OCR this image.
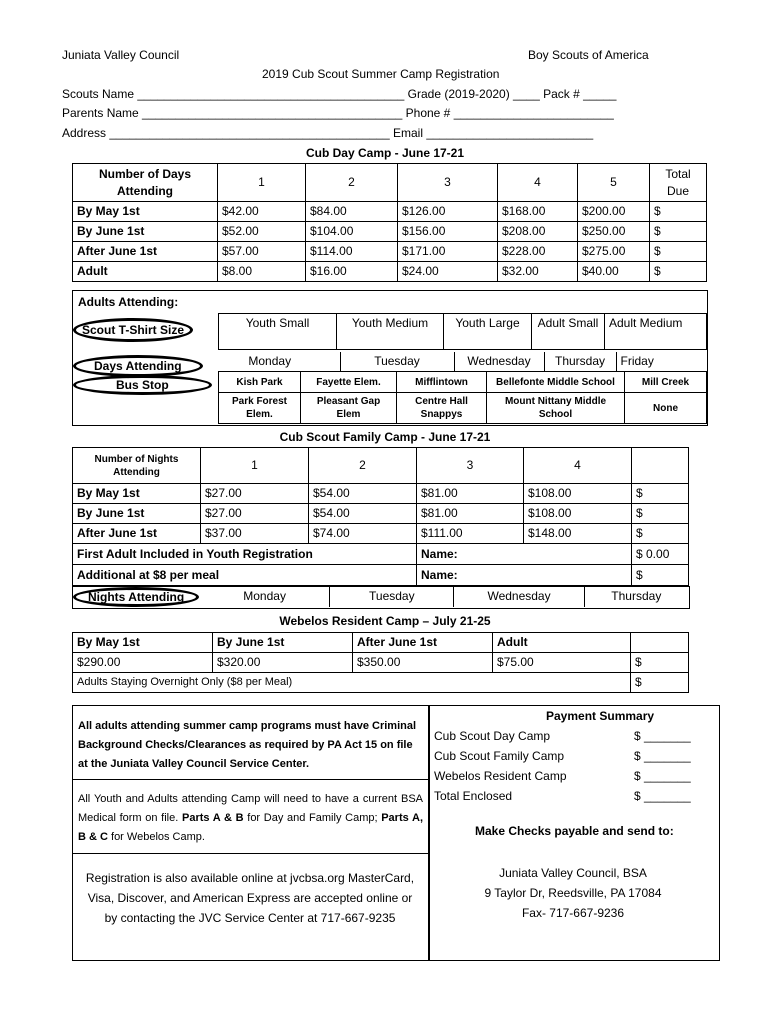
Juniata Valley Council	Boy Scouts of America
2019 Cub Scout Summer Camp Registration
Scouts Name ________________________________________ Grade (2019-2020) ____ Pack # _____
Parents Name _______________________________________ Phone # ________________________
Address __________________________________________ Email _________________________
Cub Day Camp - June 17-21
Number of Days Attending	1	2	3	4	5	Total Due
By May 1st	$42.00	$84.00	$126.00	$168.00	$200.00	$
By June 1st	$52.00	$104.00	$156.00	$208.00	$250.00	$
After June 1st	$57.00	$114.00	$171.00	$228.00	$275.00	$
Adult	$8.00	$16.00	$24.00	$32.00	$40.00	$
Adults Attending:
Scout T-Shirt Size	Youth Small	Youth Medium	Youth Large	Adult Small	Adult Medium
Days Attending	Monday	Tuesday	Wednesday	Thursday	Friday
Bus Stop	Kish Park	Fayette Elem.	Mifflintown	Bellefonte Middle School	Mill Creek
Park Forest Elem.	Pleasant Gap Elem	Centre Hall Snappys	Mount Nittany Middle School	None
Cub Scout Family Camp - June 17-21
Number of Nights Attending	1	2	3	4	
By May 1st	$27.00	$54.00	$81.00	$108.00	$
By June 1st	$27.00	$54.00	$81.00	$108.00	$
After June 1st	$37.00	$74.00	$111.00	$148.00	$
First Adult Included in Youth Registration			Name:		$ 0.00
Additional at $8 per meal			Name:		$
Nights Attending	Monday	Tuesday	Wednesday	Thursday
Webelos Resident Camp – July 21-25
By May 1st	By June 1st	After June 1st	Adult	
$290.00	$320.00	$350.00	$75.00	$
Adults Staying Overnight Only ($8 per Meal)				$
All adults attending summer camp programs must have Criminal Background Checks/Clearances as required by PA Act 15 on file at the Juniata Valley Council Service Center.
All Youth and Adults attending Camp will need to have a current BSA Medical form on file. Parts A & B for Day and Family Camp; Parts A, B & C for Webelos Camp.
Registration is also available online at jvcbsa.org MasterCard, Visa, Discover, and American Express are accepted online or by contacting the JVC Service Center at 717-667-9235
Payment Summary
Cub Scout Day Camp	$ _______
Cub Scout Family Camp	$ _______
Webelos Resident Camp	$ _______
Total Enclosed	$ _______
Make Checks payable and send to:
Juniata Valley Council, BSA
9 Taylor Dr, Reedsville, PA 17084
Fax- 717-667-9236
